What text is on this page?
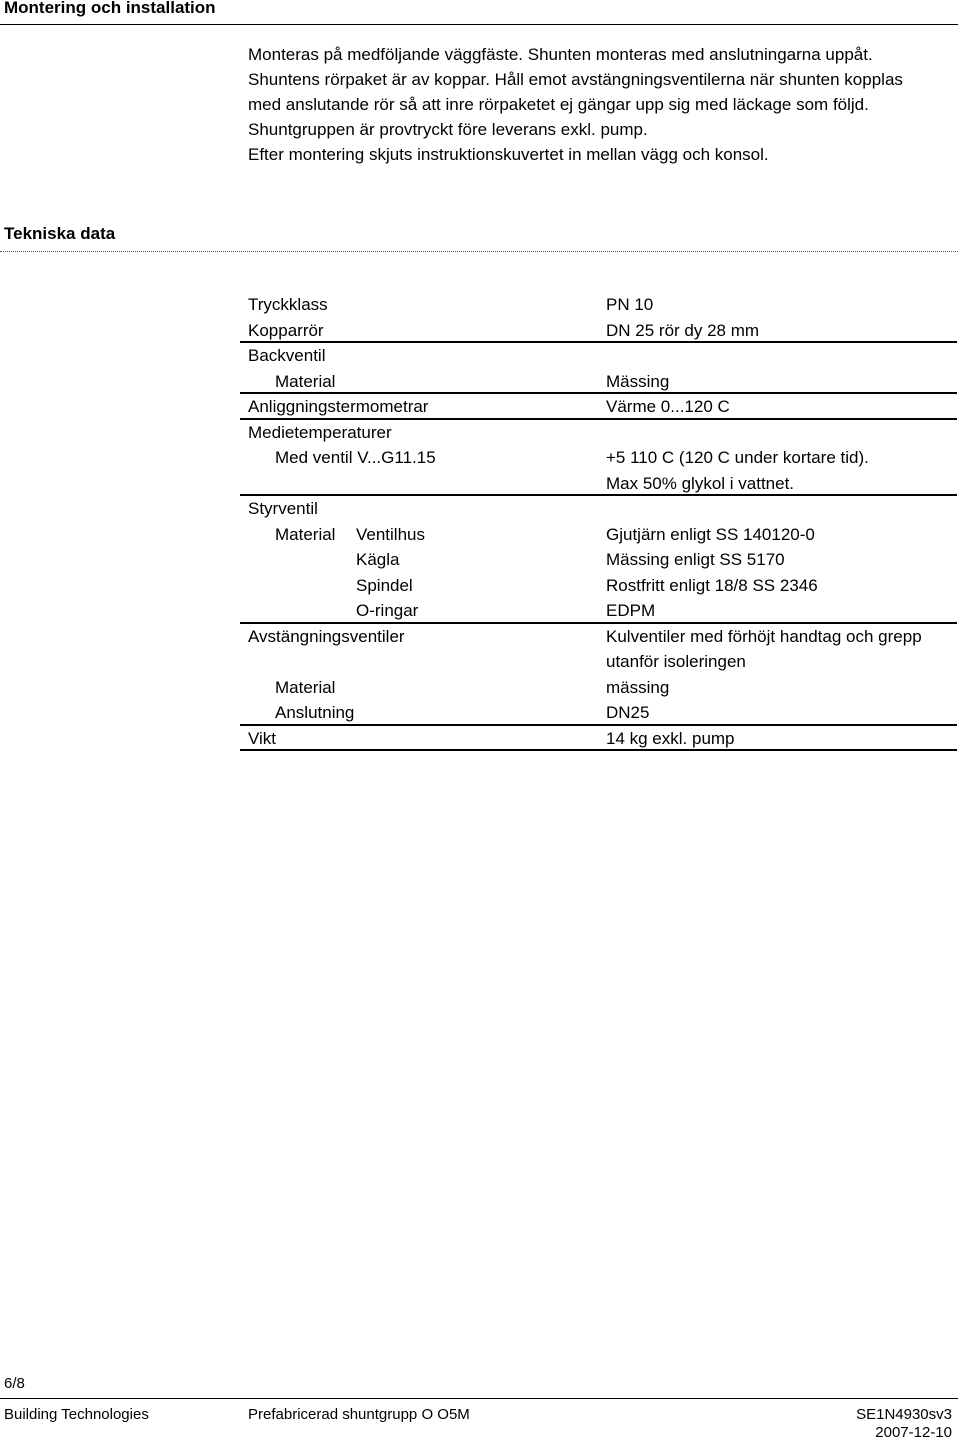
Montering och installation

Monteras på medföljande väggfäste. Shunten monteras med anslutningarna uppåt.

Shuntens rörpaket är av koppar. Håll emot avstängningsventilerna när shunten kopplas

med anslutande rör så att inre rörpaketet ej gängar upp sig med läckage som följd.

Shuntgruppen är provtryckt före leverans exkl. pump.

Efter montering skjuts instruktionskuvertet in mellan vägg och konsol.

Tekniska data
Tryckklass	PN 10
Kopparrör	DN 25 rör dy 28 mm
Backventil
Material	Mässing
Anliggningstermometrar	Värme 0...120 C
Medietemperaturer
Med ventil V...G11.15	+5 110 C (120 C under kortare tid).
Max 50% glykol i vattnet.
Styrventil
Material Ventilhus	Gjutjärn enligt SS 140120-0
Kägla	Mässing enligt SS 5170
Spindel	Rostfritt enligt 18/8 SS 2346
O-ringar	EDPM
Avstängningsventiler	Kulventiler med förhöjt handtag och grepp utanför isoleringen
Material	mässing
Anslutning	DN25
Vikt	14 kg exkl. pump
6/8
Building Technologies	Prefabricerad shuntgrupp O O5M	SE1N4930sv3
2007-12-10
